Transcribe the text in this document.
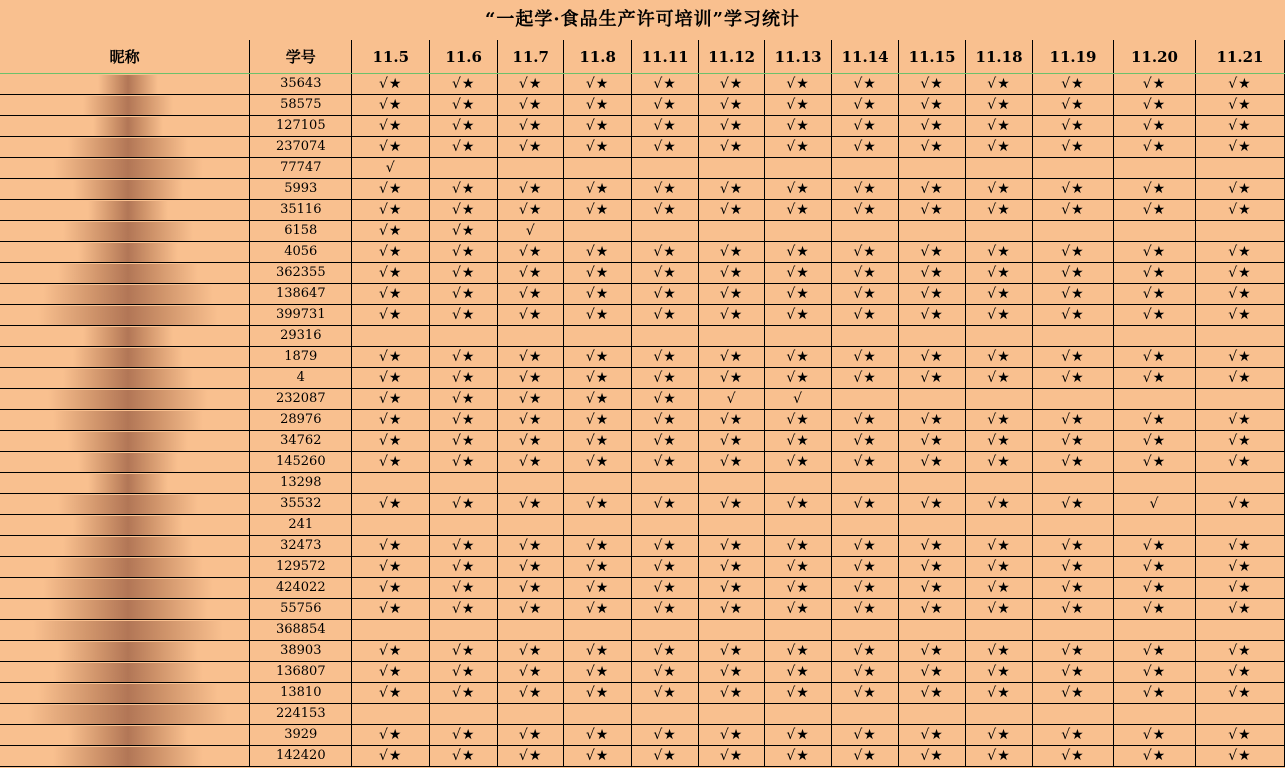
“一起学·食品生产许可培训”学习统计
昵称	学号	11.5	11.6	11.7	11.8	11.11	11.12	11.13	11.14	11.15	11.18	11.19	11.20	11.21

	35643	√★	√★	√★	√★	√★	√★	√★	√★	√★	√★	√★	√★	√★

	58575	√★	√★	√★	√★	√★	√★	√★	√★	√★	√★	√★	√★	√★

	127105	√★	√★	√★	√★	√★	√★	√★	√★	√★	√★	√★	√★	√★

	237074	√★	√★	√★	√★	√★	√★	√★	√★	√★	√★	√★	√★	√★

	77747	√												

	5993	√★	√★	√★	√★	√★	√★	√★	√★	√★	√★	√★	√★	√★

	35116	√★	√★	√★	√★	√★	√★	√★	√★	√★	√★	√★	√★	√★

	6158	√★	√★	√										

	4056	√★	√★	√★	√★	√★	√★	√★	√★	√★	√★	√★	√★	√★

	362355	√★	√★	√★	√★	√★	√★	√★	√★	√★	√★	√★	√★	√★

	138647	√★	√★	√★	√★	√★	√★	√★	√★	√★	√★	√★	√★	√★

	399731	√★	√★	√★	√★	√★	√★	√★	√★	√★	√★	√★	√★	√★

	29316													

	1879	√★	√★	√★	√★	√★	√★	√★	√★	√★	√★	√★	√★	√★

	4	√★	√★	√★	√★	√★	√★	√★	√★	√★	√★	√★	√★	√★

	232087	√★	√★	√★	√★	√★	√	√						

	28976	√★	√★	√★	√★	√★	√★	√★	√★	√★	√★	√★	√★	√★

	34762	√★	√★	√★	√★	√★	√★	√★	√★	√★	√★	√★	√★	√★

	145260	√★	√★	√★	√★	√★	√★	√★	√★	√★	√★	√★	√★	√★

	13298													

	35532	√★	√★	√★	√★	√★	√★	√★	√★	√★	√★	√★	√	√★

	241													

	32473	√★	√★	√★	√★	√★	√★	√★	√★	√★	√★	√★	√★	√★

	129572	√★	√★	√★	√★	√★	√★	√★	√★	√★	√★	√★	√★	√★

	424022	√★	√★	√★	√★	√★	√★	√★	√★	√★	√★	√★	√★	√★

	55756	√★	√★	√★	√★	√★	√★	√★	√★	√★	√★	√★	√★	√★

	368854													

	38903	√★	√★	√★	√★	√★	√★	√★	√★	√★	√★	√★	√★	√★

	136807	√★	√★	√★	√★	√★	√★	√★	√★	√★	√★	√★	√★	√★

	13810	√★	√★	√★	√★	√★	√★	√★	√★	√★	√★	√★	√★	√★

	224153													

	3929	√★	√★	√★	√★	√★	√★	√★	√★	√★	√★	√★	√★	√★

	142420	√★	√★	√★	√★	√★	√★	√★	√★	√★	√★	√★	√★	√★
